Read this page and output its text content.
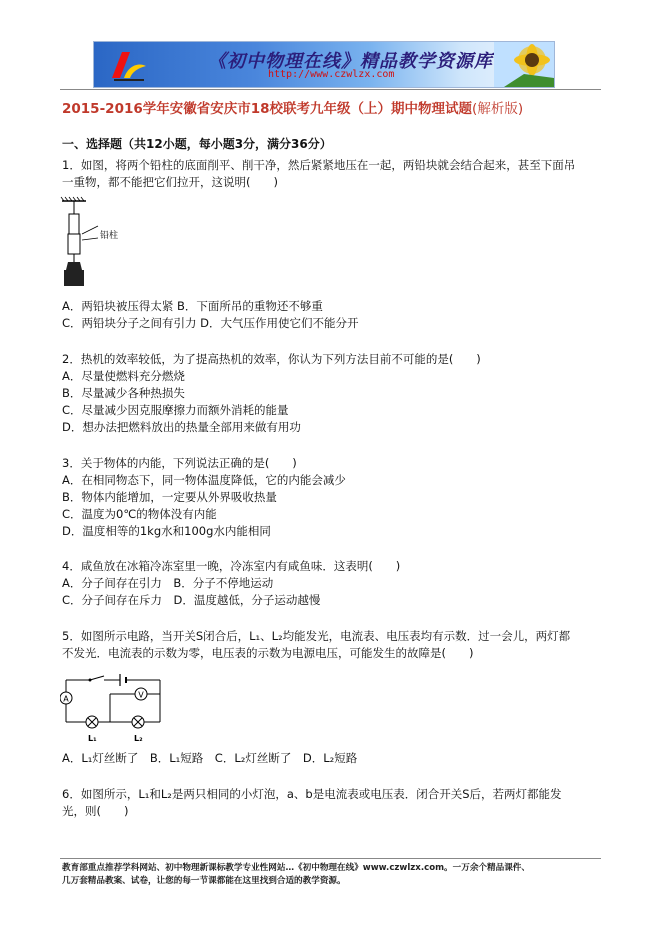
《初中物理在线》精品教学资源库
http://www.czwlzx.com
2015-2016学年安徽省安庆市18校联考九年级（上）期中物理试题(解析版)
一、选择题（共12小题，每小题3分，满分36分）
1．如图，将两个铅柱的底面削平、削干净，然后紧紧地压在一起，两铅块就会结合起来，甚至下面吊
一重物，都不能把它们拉开，这说明(　　)
铅柱
A．两铅块被压得太紧 B．下面所吊的重物还不够重
C．两铅块分子之间有引力 D．大气压作用使它们不能分开
2．热机的效率较低，为了提高热机的效率，你认为下列方法目前不可能的是(　　)
A．尽量使燃料充分燃烧
B．尽量减少各种热损失
C．尽量减少因克服摩擦力而额外消耗的能量
D．想办法把燃料放出的热量全部用来做有用功
3．关于物体的内能，下列说法正确的是(　　)
A．在相同物态下，同一物体温度降低，它的内能会减少
B．物体内能增加，一定要从外界吸收热量
C．温度为0℃的物体没有内能
D．温度相等的1kg水和100g水内能相同
4．咸鱼放在冰箱冷冻室里一晚，冷冻室内有咸鱼味．这表明(　　)
A．分子间存在引力　B．分子不停地运动
C．分子间存在斥力　D．温度越低，分子运动越慢
5．如图所示电路，当开关S闭合后，L₁、L₂均能发光，电流表、电压表均有示数．过一会儿，两灯都
不发光．电流表的示数为零，电压表的示数为电源电压，可能发生的故障是(　　)
A	V
L₁	L₂
A．L₁灯丝断了　B．L₁短路　C．L₂灯丝断了　D．L₂短路
6．如图所示，L₁和L₂是两只相同的小灯泡，a、b是电流表或电压表．闭合开关S后，若两灯都能发
光，则(　　)
教育部重点推荐学科网站、初中物理新课标教学专业性网站…《初中物理在线》www.czwlzx.com。一万余个精品课件、
几万套精品教案、试卷，让您的每一节课都能在这里找到合适的教学资源。
